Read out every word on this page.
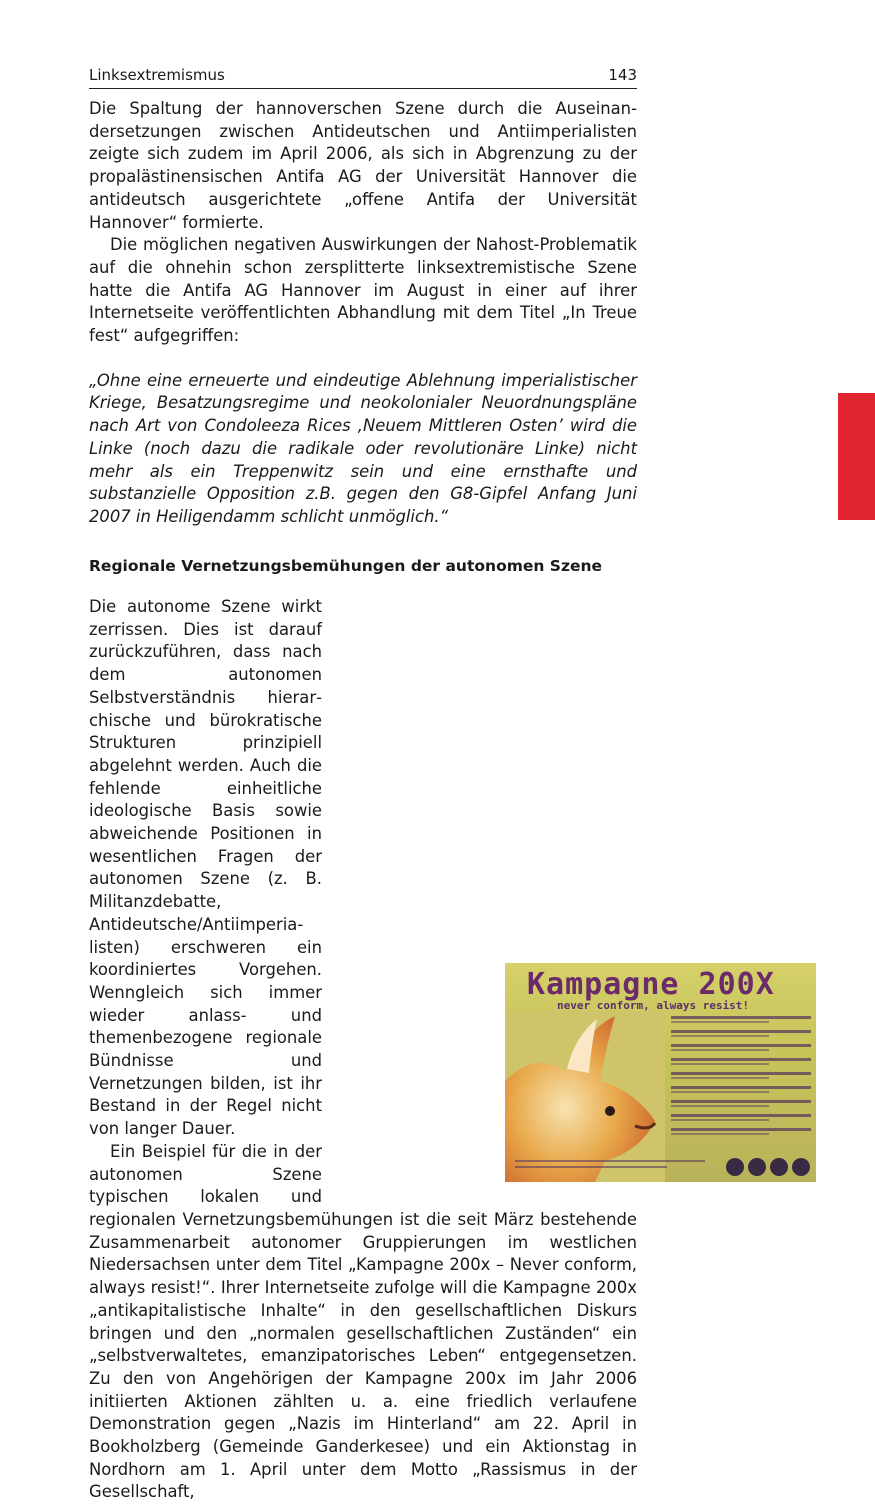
Linksextremismus	143

Die Spaltung der hannoverschen Szene durch die Auseinandersetzungen zwischen Antideutschen und Antiimperialisten zeigte sich zudem im April 2006, als sich in Abgrenzung zu der propalästinensischen Antifa AG der Universität Hannover die antideutsch ausgerichtete „offene Antifa der Universität Hannover“ formierte.

Die möglichen negativen Auswirkungen der Nahost-Problematik auf die ohnehin schon zersplitterte linksextremistische Szene hatte die Antifa AG Hannover im August in einer auf ihrer Internetseite veröffentlichten Abhandlung mit dem Titel „In Treue fest“ aufgegriffen:

„Ohne eine erneuerte und eindeutige Ablehnung imperialistischer Kriege, Besatzungsregime und neokolonialer Neuordnungspläne nach Art von Condoleeza Rices ‚Neuem Mittleren Osten’ wird die Linke (noch dazu die radikale oder revolutionäre Linke) nicht mehr als ein Treppenwitz sein und eine ernsthafte und substanzielle Opposition z.B. gegen den G8-Gipfel Anfang Juni 2007 in Heiligendamm schlicht unmöglich.“

Regionale Vernetzungsbemühungen der autonomen Szene

Die autonome Szene wirkt zerrissen. Dies ist darauf zurückzuführen, dass nach dem autonomen Selbstverständnis hierarchische und bürokratische Strukturen prinzipiell abgelehnt werden. Auch die fehlende einheitliche ideologische Basis sowie abweichende Positionen in wesentlichen Fragen der autonomen Szene (z. B. Militanzdebatte, Antideutsche/Antiimperialisten) erschweren ein koordiniertes Vorgehen. Wenngleich sich immer wieder anlass- und themenbezogene regionale Bündnisse und Vernetzungen bilden, ist ihr Bestand in der Regel nicht von langer Dauer.

Ein Beispiel für die in der autonomen Szene typischen lokalen und regionalen Vernetzungsbemühungen ist die seit März bestehende Zusammenarbeit autonomer Gruppierungen im westlichen Niedersachsen unter dem Titel „Kampagne 200x – Never conform, always resist!“. Ihrer Internetseite zufolge will die Kampagne 200x „antikapitalistische Inhalte“ in den gesellschaftlichen Diskurs bringen und den „normalen gesellschaftlichen Zuständen“ ein „selbstverwaltetes, emanzipatorisches Leben“ entgegensetzen. Zu den von Angehörigen der Kampagne 200x im Jahr 2006 initiierten Aktionen zählten u. a. eine friedlich verlaufene Demonstration gegen „Nazis im Hinterland“ am 22. April in Bookholzberg (Gemeinde Ganderkesee) und ein Aktionstag in Nordhorn am 1. April unter dem Motto „Rassismus in der Gesellschaft,

Kampagne 200X
never conform, always resist!
